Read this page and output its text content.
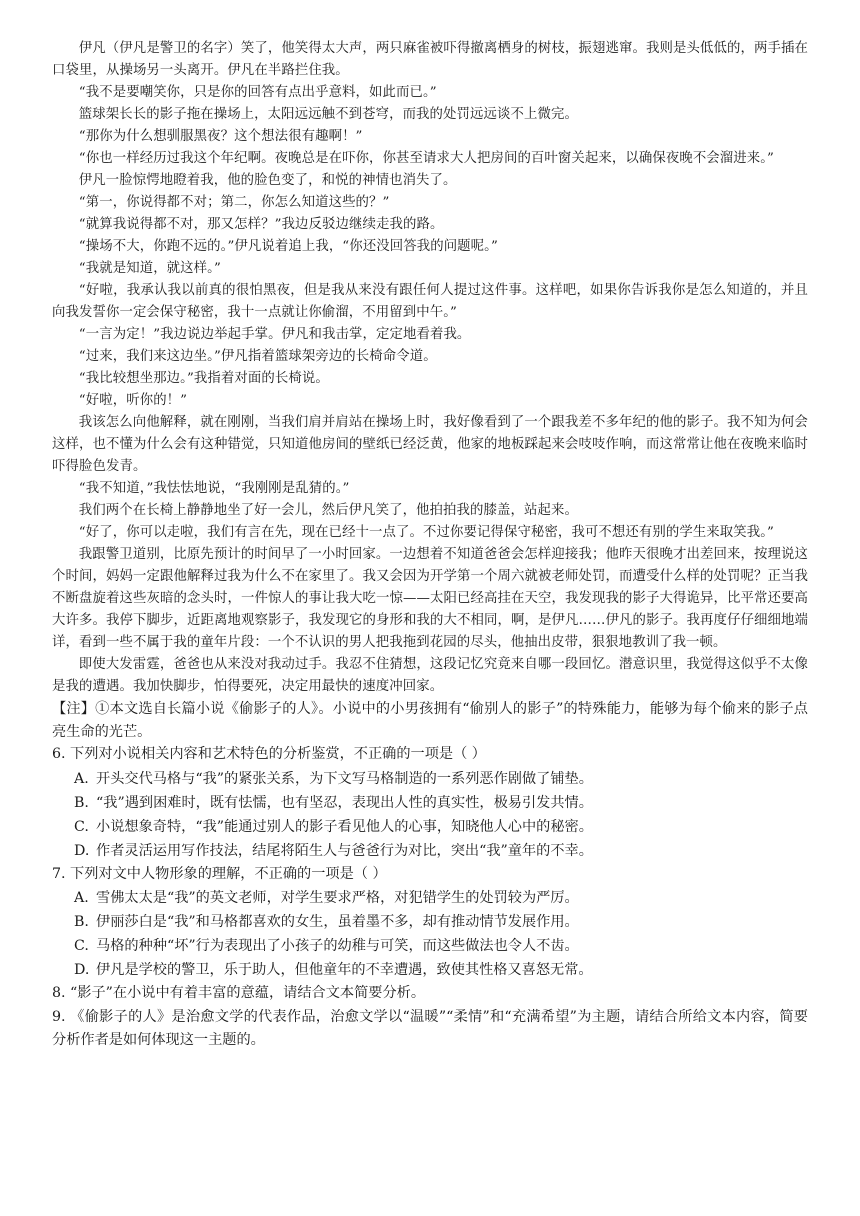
伊凡（伊凡是警卫的名字）笑了，他笑得太大声，两只麻雀被吓得撤离栖身的树枝，振翅逃窜。我则是头低低的，两手插在口袋里，从操场另一头离开。伊凡在半路拦住我。

“我不是要嘲笑你，只是你的回答有点出乎意料，如此而已。”

篮球架长长的影子拖在操场上，太阳远远触不到苍穹，而我的处罚远远谈不上微完。

“那你为什么想驯服黑夜？这个想法很有趣啊！”

“你也一样经历过我这个年纪啊。夜晚总是在吓你，你甚至请求大人把房间的百叶窗关起来，以确保夜晚不会溜进来。”

伊凡一脸惊愕地瞪着我，他的脸色变了，和悦的神情也消失了。

“第一，你说得都不对；第二，你怎么知道这些的？”

“就算我说得都不对，那又怎样？”我边反驳边继续走我的路。

“操场不大，你跑不远的。”伊凡说着追上我，“你还没回答我的问题呢。”

“我就是知道，就这样。”

“好啦，我承认我以前真的很怕黑夜，但是我从来没有跟任何人提过这件事。这样吧，如果你告诉我你是怎么知道的，并且向我发誓你一定会保守秘密，我十一点就让你偷溜，不用留到中午。”

“一言为定！”我边说边举起手掌。伊凡和我击掌，定定地看着我。

“过来，我们来这边坐。”伊凡指着篮球架旁边的长椅命令道。

“我比较想坐那边。”我指着对面的长椅说。

“好啦，听你的！”

我该怎么向他解释，就在刚刚，当我们肩并肩站在操场上时，我好像看到了一个跟我差不多年纪的他的影子。我不知为何会这样，也不懂为什么会有这种错觉，只知道他房间的壁纸已经泛黄，他家的地板踩起来会吱吱作响，而这常常让他在夜晚来临时吓得脸色发青。

“我不知道，”我怯怯地说，“我刚刚是乱猜的。”

我们两个在长椅上静静地坐了好一会儿，然后伊凡笑了，他拍拍我的膝盖，站起来。

“好了，你可以走啦，我们有言在先，现在已经十一点了。不过你要记得保守秘密，我可不想还有别的学生来取笑我。”

我跟警卫道别，比原先预计的时间早了一小时回家。一边想着不知道爸爸会怎样迎接我；他昨天很晚才出差回来，按理说这个时间，妈妈一定跟他解释过我为什么不在家里了。我又会因为开学第一个周六就被老师处罚，而遭受什么样的处罚呢？正当我不断盘旋着这些灰暗的念头时，一件惊人的事让我大吃一惊——太阳已经高挂在天空，我发现我的影子大得诡异，比平常还要高大许多。我停下脚步，近距离地观察影子，我发现它的身形和我的大不相同，啊，是伊凡……伊凡的影子。我再度仔仔细细地端详，看到一些不属于我的童年片段：一个不认识的男人把我拖到花园的尽头，他抽出皮带，狠狠地教训了我一顿。

即使大发雷霆，爸爸也从来没对我动过手。我忍不住猜想，这段记忆究竟来自哪一段回忆。潜意识里，我觉得这似乎不太像是我的遭遇。我加快脚步，怕得要死，决定用最快的速度冲回家。

【注】①本文选自长篇小说《偷影子的人》。小说中的小男孩拥有“偷别人的影子”的特殊能力，能够为每个偷来的影子点亮生命的光芒。

6. 下列对小说相关内容和艺术特色的分析鉴赏，不正确的一项是（ ）

A. 开头交代马格与“我”的紧张关系，为下文写马格制造的一系列恶作剧做了铺垫。

B. “我”遇到困难时，既有怯懦，也有坚忍，表现出人性的真实性，极易引发共情。

C. 小说想象奇特，“我”能通过别人的影子看见他人的心事，知晓他人心中的秘密。

D. 作者灵活运用写作技法，结尾将陌生人与爸爸行为对比，突出“我”童年的不幸。

7. 下列对文中人物形象的理解，不正确的一项是（ ）

A. 雪佛太太是“我”的英文老师，对学生要求严格，对犯错学生的处罚较为严厉。

B. 伊丽莎白是“我”和马格都喜欢的女生，虽着墨不多，却有推动情节发展作用。

C. 马格的种种“坏”行为表现出了小孩子的幼稚与可笑，而这些做法也令人不齿。

D. 伊凡是学校的警卫，乐于助人，但他童年的不幸遭遇，致使其性格又喜怒无常。

8. “影子”在小说中有着丰富的意蕴，请结合文本简要分析。

9. 《偷影子的人》是治愈文学的代表作品，治愈文学以“温暖”“柔情”和“充满希望”为主题，请结合所给文本内容，简要分析作者是如何体现这一主题的。
